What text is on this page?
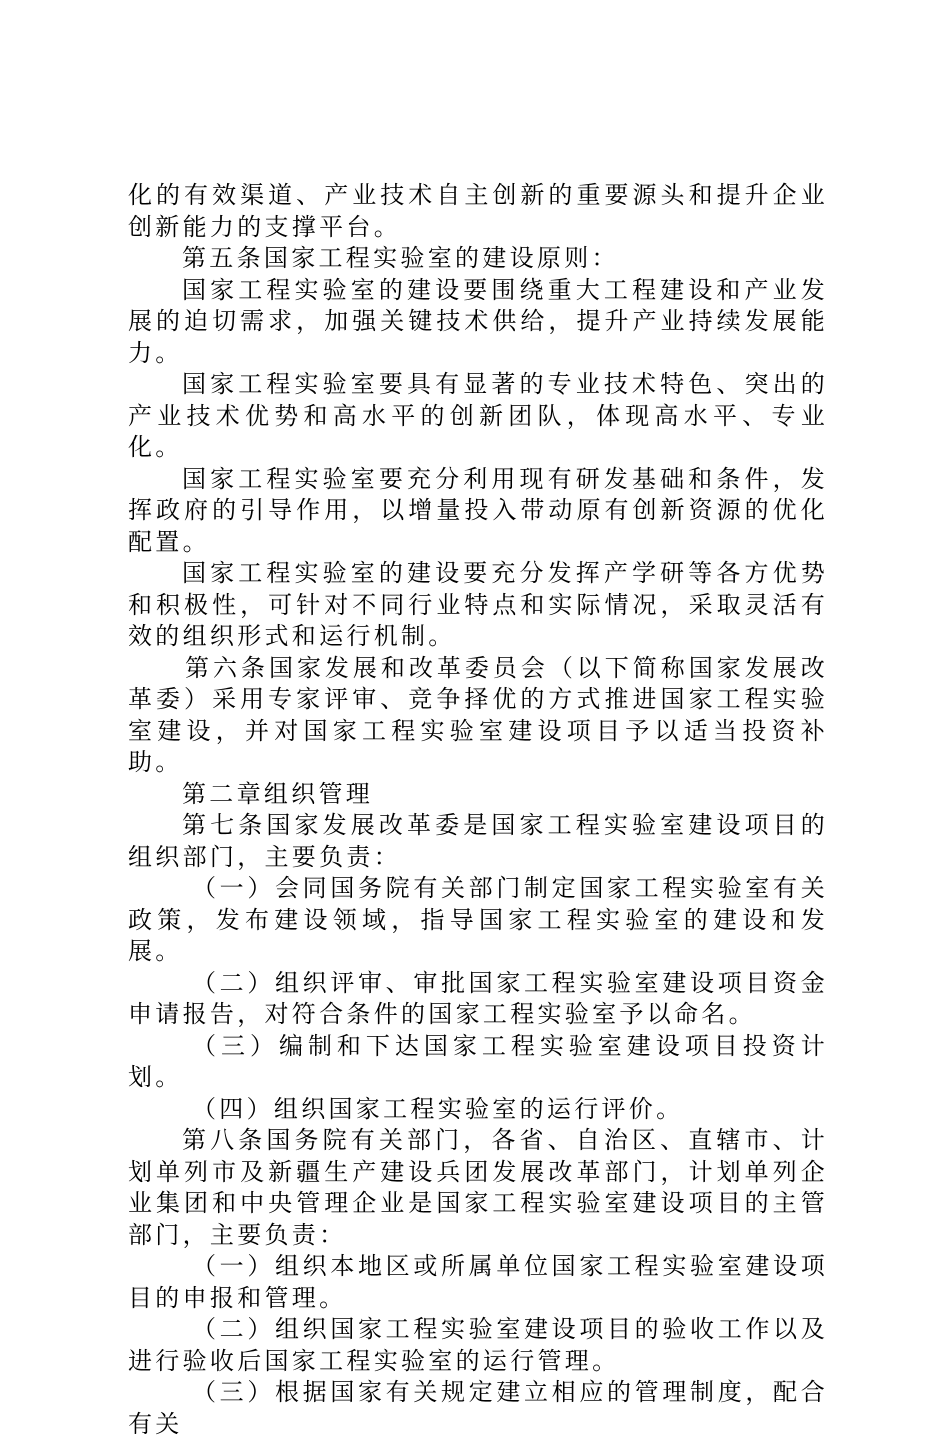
化的有效渠道、产业技术自主创新的重要源头和提升企业创新能力的支撑平台。

第五条国家工程实验室的建设原则：

国家工程实验室的建设要围绕重大工程建设和产业发展的迫切需求，加强关键技术供给，提升产业持续发展能力。

国家工程实验室要具有显著的专业技术特色、突出的产业技术优势和高水平的创新团队，体现高水平、专业化。

国家工程实验室要充分利用现有研发基础和条件，发挥政府的引导作用，以增量投入带动原有创新资源的优化配置。

国家工程实验室的建设要充分发挥产学研等各方优势和积极性，可针对不同行业特点和实际情况，采取灵活有效的组织形式和运行机制。

第六条国家发展和改革委员会（以下简称国家发展改革委）采用专家评审、竞争择优的方式推进国家工程实验室建设，并对国家工程实验室建设项目予以适当投资补助。

第二章组织管理

第七条国家发展改革委是国家工程实验室建设项目的组织部门，主要负责：

（一）会同国务院有关部门制定国家工程实验室有关政策，发布建设领域，指导国家工程实验室的建设和发展。

（二）组织评审、审批国家工程实验室建设项目资金申请报告，对符合条件的国家工程实验室予以命名。

（三）编制和下达国家工程实验室建设项目投资计划。

（四）组织国家工程实验室的运行评价。

第八条国务院有关部门，各省、自治区、直辖市、计划单列市及新疆生产建设兵团发展改革部门，计划单列企业集团和中央管理企业是国家工程实验室建设项目的主管部门，主要负责：

（一）组织本地区或所属单位国家工程实验室建设项目的申报和管理。

（二）组织国家工程实验室建设项目的验收工作以及进行验收后国家工程实验室的运行管理。

（三）根据国家有关规定建立相应的管理制度，配合有关
